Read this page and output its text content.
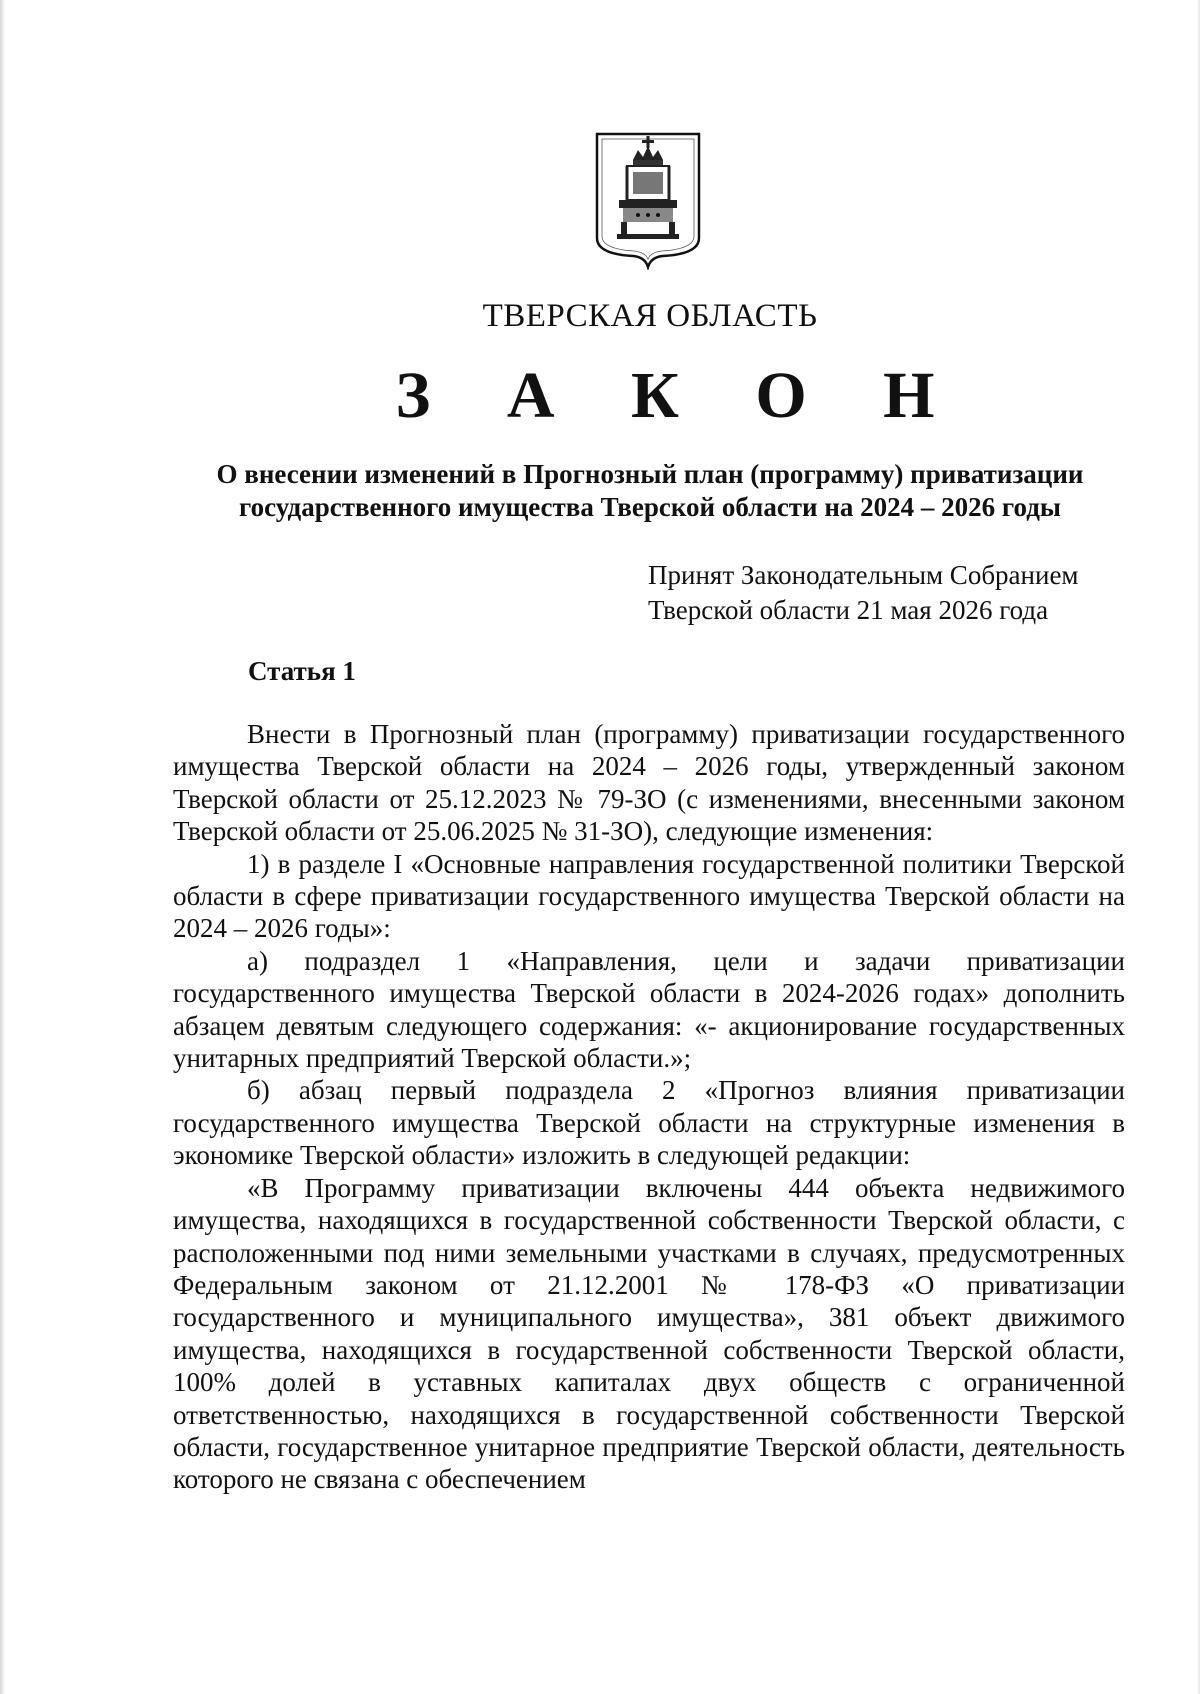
ТВЕРСКАЯ ОБЛАСТЬ
З А К О Н
О внесении изменений в Прогнозный план (программу) приватизации
государственного имущества Тверской области на 2024 – 2026 годы
Принят Законодательным Собранием
Тверской области 21 мая 2026 года
Статья 1

Внести в Прогнозный план (программу) приватизации государственного имущества Тверской области на 2024 – 2026 годы, утвержденный законом Тверской области от 25.12.2023 № 79-ЗО (с изменениями, внесенными законом Тверской области от 25.06.2025 № 31-ЗО), следующие изменения:

1) в разделе I «Основные направления государственной политики Тверской области в сфере приватизации государственного имущества Тверской области на 2024 – 2026 годы»:

а) подраздел 1 «Направления, цели и задачи приватизации государственного имущества Тверской области в 2024-2026 годах» дополнить абзацем девятым следующего содержания: «- акционирование государственных унитарных предприятий Тверской области.»;

б) абзац первый подраздела 2 «Прогноз влияния приватизации государственного имущества Тверской области на структурные изменения в экономике Тверской области» изложить в следующей редакции:

«В Программу приватизации включены 444 объекта недвижимого имущества, находящихся в государственной собственности Тверской области, с расположенными под ними земельными участками в случаях, предусмотренных Федеральным законом от 21.12.2001 № 178-ФЗ «О приватизации государственного и муниципального имущества», 381 объект движимого имущества, находящихся в государственной собственности Тверской области, 100% долей в уставных капиталах двух обществ с ограниченной ответственностью, находящихся в государственной собственности Тверской области, государственное унитарное предприятие Тверской области, деятельность которого не связана с обеспечением
